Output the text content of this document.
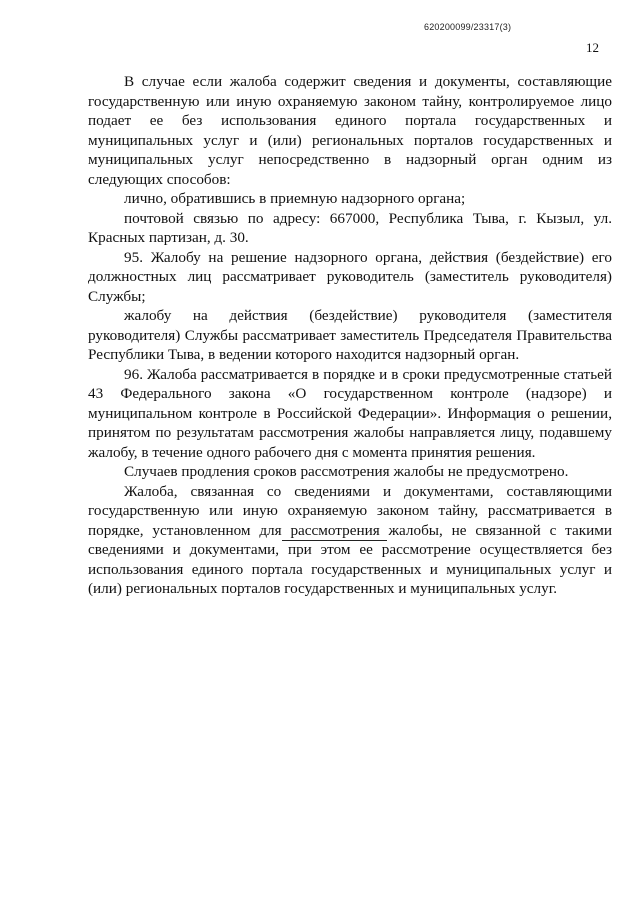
620200099/23317(3)
12

В случае если жалоба содержит сведения и документы, составляющие государственную или иную охраняемую законом тайну, контролируемое лицо подает ее без использования единого портала государственных и муниципальных услуг и (или) региональных порталов государственных и муниципальных услуг непосредственно в надзорный орган одним из следующих способов:

лично, обратившись в приемную надзорного органа;

почтовой связью по адресу: 667000, Республика Тыва, г. Кызыл, ул. Красных партизан, д. 30.

95. Жалобу на решение надзорного органа, действия (бездействие) его должностных лиц рассматривает руководитель (заместитель руководителя) Службы;

жалобу на действия (бездействие) руководителя (заместителя руководителя) Службы рассматривает заместитель Председателя Правительства Республики Тыва, в ведении которого находится надзорный орган.

96. Жалоба рассматривается в порядке и в сроки предусмотренные статьей 43 Федерального закона «О государственном контроле (надзоре) и муниципальном контроле в Российской Федерации». Информация о решении, принятом по результатам рассмотрения жалобы направляется лицу, подавшему жалобу, в течение одного рабочего дня с момента принятия решения.

Случаев продления сроков рассмотрения жалобы не предусмотрено.

Жалоба, связанная со сведениями и документами, составляющими государственную или иную охраняемую законом тайну, рассматривается в порядке, установленном для рассмотрения жалобы, не связанной с такими сведениями и документами, при этом ее рассмотрение осуществляется без использования единого портала государственных и муниципальных услуг и (или) региональных порталов государственных и муниципальных услуг.
